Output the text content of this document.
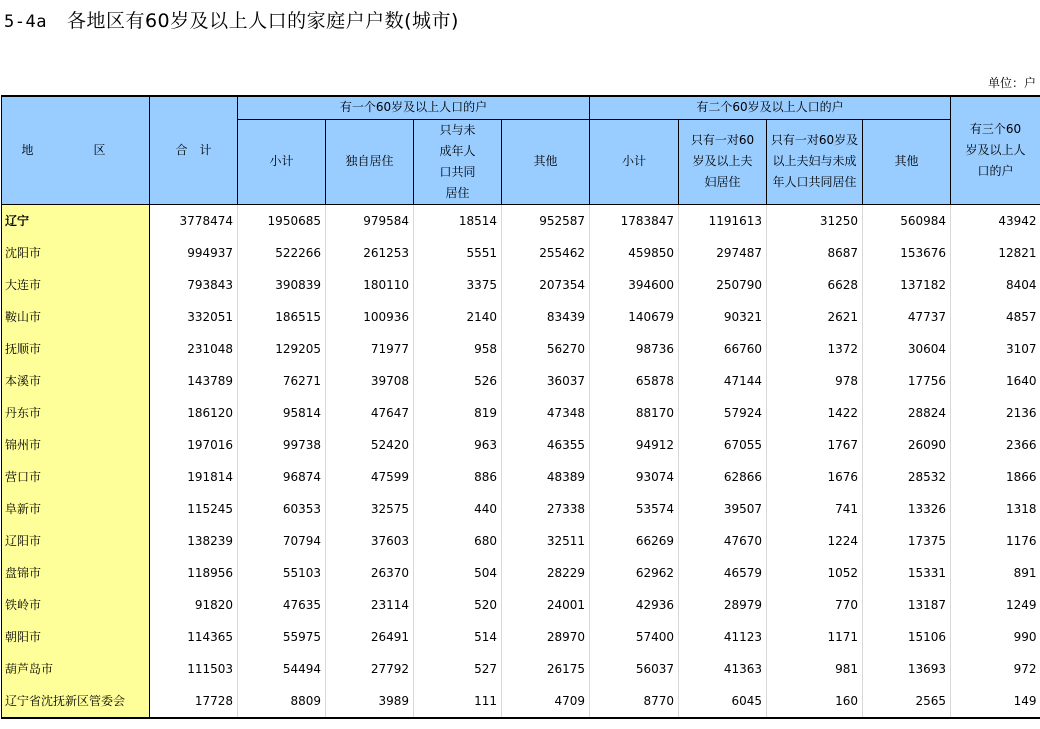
5-4a 各地区有60岁及以上人口的家庭户户数(城市)
单位：户
地　区	合　计	有一个60岁及以上人口的户				有二个60岁及以上人口的户				有三个60岁及以上人口的户
		小计	独自居住	只与未成年人口共同居住	其他	小计	只有一对60岁及以上夫妇居住	只有一对60岁及以上夫妇与未成年人口共同居住	其他	
辽宁	3778474	1950685	979584	18514	952587	1783847	1191613	31250	560984	43942
沈阳市	994937	522266	261253	5551	255462	459850	297487	8687	153676	12821
大连市	793843	390839	180110	3375	207354	394600	250790	6628	137182	8404
鞍山市	332051	186515	100936	2140	83439	140679	90321	2621	47737	4857
抚顺市	231048	129205	71977	958	56270	98736	66760	1372	30604	3107
本溪市	143789	76271	39708	526	36037	65878	47144	978	17756	1640
丹东市	186120	95814	47647	819	47348	88170	57924	1422	28824	2136
锦州市	197016	99738	52420	963	46355	94912	67055	1767	26090	2366
营口市	191814	96874	47599	886	48389	93074	62866	1676	28532	1866
阜新市	115245	60353	32575	440	27338	53574	39507	741	13326	1318
辽阳市	138239	70794	37603	680	32511	66269	47670	1224	17375	1176
盘锦市	118956	55103	26370	504	28229	62962	46579	1052	15331	891
铁岭市	91820	47635	23114	520	24001	42936	28979	770	13187	1249
朝阳市	114365	55975	26491	514	28970	57400	41123	1171	15106	990
葫芦岛市	111503	54494	27792	527	26175	56037	41363	981	13693	972
辽宁省沈抚新区管委会	17728	8809	3989	111	4709	8770	6045	160	2565	149
